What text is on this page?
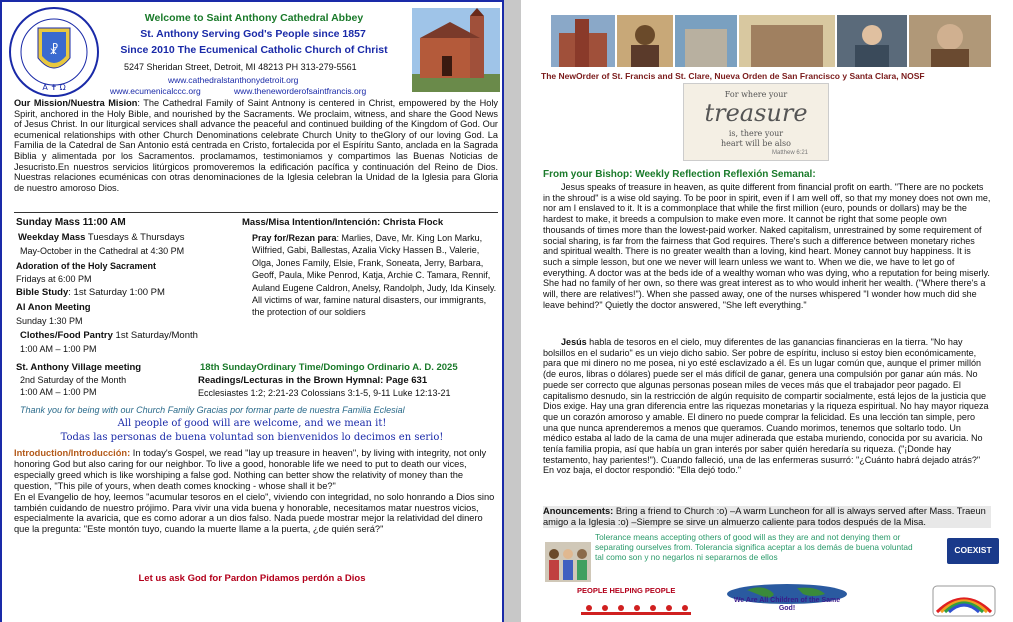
☧
A ✝ Ω
Welcome to Saint Anthony Cathedral Abbey
St. Anthony Serving God's People since 1857
Since 2010 The Ecumenical Catholic Church of Christ
5247 Sheridan Street, Detroit, MI 48213 PH 313-279-5561
www.cathedralstanthonydetroit.org
www.ecumenicalccc.org	www.theneworderofsaintfrancis.org
Our Mission/Nuestra Mision: The Cathedral Family of Saint Antnony is centered in Christ, empowered by the Holy Spirit, anchored in the Holy Bible, and nourished by the Sacraments. We proclaim, witness, and share the Good News of Jesus Christ. In our liturgical services shall advance the peaceful and continued building of the Kingdom of God. Our ecumenical relationships with other Church Denominations celebrate Church Unity to theGlory of our loving God. La Familia de la Catedral de San Antonio está centrada en Cristo, fortalecida por el Espíritu Santo, anclada en la Sagrada Biblia y alimentada por los Sacramentos. proclamamos, testimoniamos y compartimos las Buenas Noticias de Jesucristo.En nuestros servicios litúrgicos promoveremos la edificación pacífica y continuación del Reino de Dios. Nuestras relaciones ecuménicas con otras denominaciones de la Iglesia celebran la Unidad de la Iglesia para Gloria de nuestro amoroso Dios.
Sunday Mass 11:00 AM
Weekday Mass Tuesdays & Thursdays
May-October in the Cathedral at 4:30 PM
Adoration of the Holy Sacrament
Fridays at 6:00 PM
Bible Study: 1st Saturday 1:00 PM
Al Anon Meeting
Sunday 1:30 PM
Clothes/Food Pantry 1st Saturday/Month
1:00 AM – 1:00 PM
St. Anthony Village meeting
2nd Saturday of the Month
1:00 AM – 1:00 PM
Mass/Misa Intention/Intención: Christa Flock
Pray for/Rezan para: Marlies, Dave, Mr. King Lon Marku, Wilfried, Gabi, Ballestas, Azalia Vicky Hassen B., Valerie, Olga, Jones Family, Elsie, Frank, Soneata, Jerry, Barbara, Geoff, Paula, Mike Penrod, Katja, Archie C. Tamara, Rennif, Auland Eugene Caldron, Anelsy, Randolph, Judy, Ida Kinsely. All victims of war, famine natural disasters, our immigrants, the protection of our soldiers
18th SundayOrdinary Time/Domingo Ordinario A. D. 2025
Readings/Lecturas in the Brown Hymnal: Page 631
Ecclesiastes 1:2; 2:21-23 Colossians 3:1-5, 9-11 Luke 12:13-21
Thank you for being with our Church Family Gracias por formar parte de nuestra Familia Eclesial
All people of good will are welcome, and we mean it!
Todas las personas de buena voluntad son bienvenidos lo decimos en serio!
Introduction/Introducción: In today's Gospel, we read "lay up treasure in heaven", by living with integrity, not only honoring God but also caring for our neighbor. To live a good, honorable life we need to put to death our vices, especially greed which is like worshiping a false god. Nothing can better show the relativity of money than the question, "This pile of yours, when death comes knocking - whose shall it be?"
En el Evangelio de hoy, leemos "acumular tesoros en el cielo", viviendo con integridad, no solo honrando a Dios sino también cuidando de nuestro prójimo. Para vivir una vida buena y honorable, necesitamos matar nuestros vicios, especialmente la avaricia, que es como adorar a un dios falso. Nada puede mostrar mejor la relatividad del dinero que la pregunta: "Este montón tuyo, cuando la muerte llame a la puerta, ¿de quién será?"
Let us ask God for Pardon Pidamos perdón a Dios
The NewOrder of St. Francis and St. Clare, Nueva Orden de San Francisco y Santa Clara, NOSF
For where your
treasure
is, there your
heart will be also
Matthew 6:21
From your Bishop: Weekly Reflection Reflexión Semanal:
Jesus speaks of treasure in heaven, as quite different from financial profit on earth. "There are no pockets in the shroud" is a wise old saying. To be poor in spirit, even if I am well off, so that my money does not own me, nor am I enslaved to it. It is a commonplace that while the first million (euro, pounds or dollars) may be the hardest to make, it breeds a compulsion to make even more. It cannot be right that some people own thousands of times more than the lowest-paid worker. Naked capitalism, unrestrained by some requirement of social sharing, is far from the fairness that God requires. There's such a difference between monetary riches and spiritual wealth. There is no greater wealth than a loving, kind heart. Money cannot buy happiness. It is such a simple lesson, but one we never will learn unless we want to. When we die, we have to let go of everything. A doctor was at the beds ide of a wealthy woman who was dying, who a reputation for being miserly. She had no family of her own, so there was great interest as to who would inherit her wealth. ("Where there's a will, there are relatives!"). When she passed away, one of the nurses whispered "I wonder how much did she leave behind?" Quietly the doctor answered, "She left everything."
Jesús habla de tesoros en el cielo, muy diferentes de las ganancias financieras en la tierra. "No hay bolsillos en el sudario" es un viejo dicho sabio. Ser pobre de espíritu, incluso si estoy bien económicamente, para que mi dinero no me posea, ni yo esté esclavizado a él. Es un lugar común que, aunque el primer millón (de euros, libras o dólares) puede ser el más difícil de ganar, genera una compulsión por ganar aún más. No puede ser correcto que algunas personas posean miles de veces más que el trabajador peor pagado. El capitalismo desnudo, sin la restricción de algún requisito de compartir socialmente, está lejos de la justicia que Dios exige. Hay una gran diferencia entre las riquezas monetarias y la riqueza espiritual. No hay mayor riqueza que un corazón amoroso y amable. El dinero no puede comprar la felicidad. Es una lección tan simple, pero una que nunca aprenderemos a menos que queramos. Cuando morimos, tenemos que soltarlo todo. Un médico estaba al lado de la cama de una mujer adinerada que estaba muriendo, conocida por su avaricia. No tenía familia propia, así que había un gran interés por saber quién heredaría su riqueza. ("¡Donde hay testamento, hay parientes!"). Cuando falleció, una de las enfermeras susurró: "¿Cuánto habrá dejado atrás?" En voz baja, el doctor respondió: "Ella dejó todo."
Anouncements: Bring a friend to Church :o) –A warm Luncheon for all is always served after Mass. Traeun amigo a la Iglesia :o) –Siempre se sirve un almuerzo caliente para todos después de la Misa.
Tolerance means accepting others of good will as they are and not denying them or separating ourselves from. Tolerancia significa aceptar a los demás de buena voluntad tal como son y no negarlos ni separarnos de ellos
COEXIST
PEOPLE HELPING PEOPLE
We Are All Children of the Same God!
